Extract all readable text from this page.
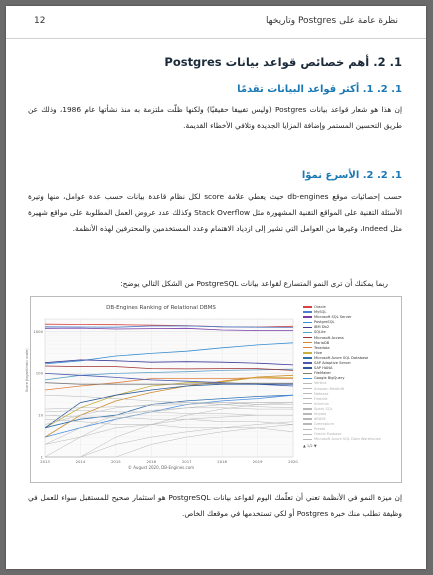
12	نظرة عامة على Postgres وتاريخها
1. 2. أهم خصائص قواعد بيانات Postgres
1. 2. 1. أكثر قواعد البيانات تقدمًا
إن هذا هو شعار قواعد بيانات Postgres (وليس تفييفا حقيقيًا) ولكنها ظلّت ملتزمة به منذ نشأتها عام 1986، وذلك عن طريق التحسين المستمر وإضافة المزايا الجديدة وتلافي الأخطاء القديمة.
1. 2. 2. الأسرع نموًا
حسب إحصائيات موقع db-engines حيث يعطي علامة score لكل نظام قاعدة بيانات حسب عدة عوامل، منها وتيرة الأسئلة التقنية على المواقع التقنية المشهورة مثل Stack Overflow وكذلك عدد عروض العمل المطلوبة على مواقع شهيرة مثل Indeed، وغيرها من العوامل التي تشير إلى ازدياد الاهتمام وعدد المستخدمين والمحترفين لهذه الأنظمة.
ربما يمكنك أن ترى النمو المتسارع لقواعد بيانات PostgreSQL من الشكل التالي يوضح:
DB-Engines Ranking of Relational DBMS
Score (logarithmic scale)
2013	2014	2015	2016	2017	2018	2019	2020
1
10
100
1000
© August 2020, DB-Engines.com
Oracle
MySQL
Microsoft SQL Server
PostgreSQL
IBM Db2
SQLite
Microsoft Access
MariaDB
Teradata
Hive
Microsoft Azure SQL Database
SAP Adaptive Server
SAP HANA
FileMaker
Google BigQuery
Vertica
Amazon Redshift
Netezza
Firebird
Informix
Spark SQL
Impala
dBASE
Greenplum
Presto
Oracle Essbase
Microsoft Azure SQL Data Warehouse
▲ 1/2 ▼
إن ميزة النمو في الأنظمة تعني أن تعلّمك اليوم لقواعد بيانات PostgreSQL هو استثمار صحيح للمستقبل سواء للعمل في وظيفة تطلب منك خبرة Postgres أو لكي تستخدمها في موقعك الخاص.
